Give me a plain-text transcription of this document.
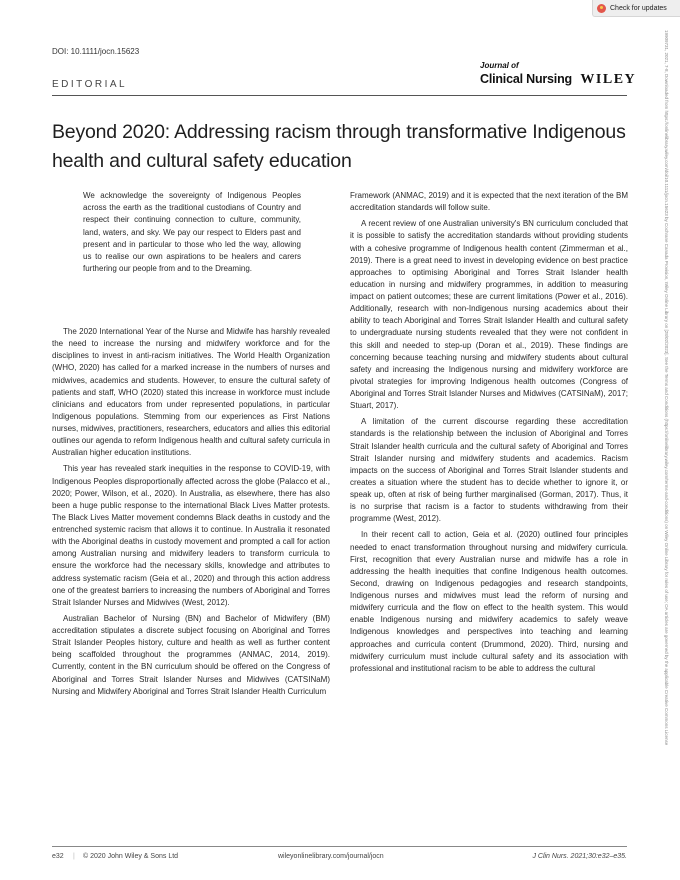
Check for updates
19909731, 2021, 7-8, Downloaded from https://onlinelibrary.wiley.com/doi/10.1111/jocn.15623 by Cochrane Canada Provision, Wiley Online Library on [28/02/2023]. See the Terms and Conditions (https://onlinelibrary.wiley.com/terms-and-conditions) on Wiley Online Library for rules of use; OA articles are governed by the applicable Creative Commons License
DOI: 10.1111/jocn.15623
EDITORIAL
Journal of
Clinical Nursing WILEY
Beyond 2020: Addressing racism through transformative Indigenous health and cultural safety education
We acknowledge the sovereignty of Indigenous Peoples across the earth as the traditional custodians of Country and respect their continuing connection to culture, community, land, waters, and sky. We pay our respect to Elders past and present and in particular to those who led the way, allowing us to realise our own aspirations to be healers and carers furthering our people from and to the Dreaming.

The 2020 International Year of the Nurse and Midwife has harshly revealed the need to increase the nursing and midwifery workforce and for the disciplines to invest in anti-racism initiatives. The World Health Organization (WHO, 2020) has called for a marked increase in the numbers of nurses and midwives, academics and students. However, to ensure the cultural safety of patients and staff, WHO (2020) stated this increase in workforce must include clinicians and educators from under represented populations, in particular Indigenous populations. Stemming from our experiences as First Nations nurses, midwives, practitioners, researchers, educators and allies this editorial outlines our agenda to reform Indigenous health and cultural safety curricula in Australian higher education institutions.

This year has revealed stark inequities in the response to COVID-19, with Indigenous Peoples disproportionally affected across the globe (Palacco et al., 2020; Power, Wilson, et al., 2020). In Australia, as elsewhere, there has also been a huge public response to the international Black Lives Matter protests. The Black Lives Matter movement condemns Black deaths in custody and the entrenched systemic racism that allows it to continue. In Australia it resonated with the Aboriginal deaths in custody movement and prompted a call for action among Australian nursing and midwifery leaders to transform curricula to ensure the workforce had the necessary skills, knowledge and attributes to address systematic racism (Geia et al., 2020) and through this action address one of the greatest barriers to increasing the numbers of Aboriginal and Torres Strait Islander Nurses and Midwives (West, 2012).

Australian Bachelor of Nursing (BN) and Bachelor of Midwifery (BM) accreditation stipulates a discrete subject focusing on Aboriginal and Torres Strait Islander Peoples history, culture and health as well as further content being scaffolded throughout the programmes (ANMAC, 2014, 2019). Currently, content in the BN curriculum should be offered on the Congress of Aboriginal and Torres Strait Islander Nurses and Midwives (CATSINaM) Nursing and Midwifery Aboriginal and Torres Strait Islander Health Curriculum

Framework (ANMAC, 2019) and it is expected that the next iteration of the BM accreditation standards will follow suite.

A recent review of one Australian university's BN curriculum concluded that it is possible to satisfy the accreditation standards without providing students with a cohesive programme of Indigenous health content (Zimmerman et al., 2019). There is a great need to invest in developing evidence on best practice approaches to optimising Aboriginal and Torres Strait Islander health education in nursing and midwifery programmes, in addition to measuring impact on patient outcomes; these are current limitations (Power et al., 2016). Additionally, research with non-Indigenous nursing academics about their ability to teach Aboriginal and Torres Strait Islander Health and cultural safety to undergraduate nursing students revealed that they were not confident in this skill and needed to step-up (Doran et al., 2019). These findings are concerning because teaching nursing and midwifery students about cultural safety and increasing the Indigenous nursing and midwifery workforce are pivotal strategies for improving Indigenous health outcomes (Congress of Aboriginal and Torres Strait Islander Nurses and Midwives (CATSINaM), 2017; Stuart, 2017).

A limitation of the current discourse regarding these accreditation standards is the relationship between the inclusion of Aboriginal and Torres Strait Islander health curricula and the cultural safety of Aboriginal and Torres Strait Islander nursing and midwifery students and academics. Racism impacts on the success of Aboriginal and Torres Strait Islander students and creates a situation where the student has to decide whether to ignore it, or speak up, often at risk of being further marginalised (Gorman, 2017). Thus, it is no surprise that racism is a factor to students withdrawing from their programme (West, 2012).

In their recent call to action, Geia et al. (2020) outlined four principles needed to enact transformation throughout nursing and midwifery curricula. First, recognition that every Australian nurse and midwife has a role in addressing the health inequities that confine Indigenous health outcomes. Second, drawing on Indigenous pedagogies and research standpoints, Indigenous nurses and midwives must lead the reform of nursing and midwifery curricula and the flow on effect to the health system. This would enable Indigenous nursing and midwifery academics to safely weave Indigenous knowledges and perspectives into teaching and learning approaches and curricula content (Drummond, 2020). Third, nursing and midwifery curriculum must include cultural safety and its association with professional and institutional racism to be able to address the cultural

e32 | © 2020 John Wiley & Sons Ltd	wileyonlinelibrary.com/journal/jocn	J Clin Nurs. 2021;30:e32–e35.
